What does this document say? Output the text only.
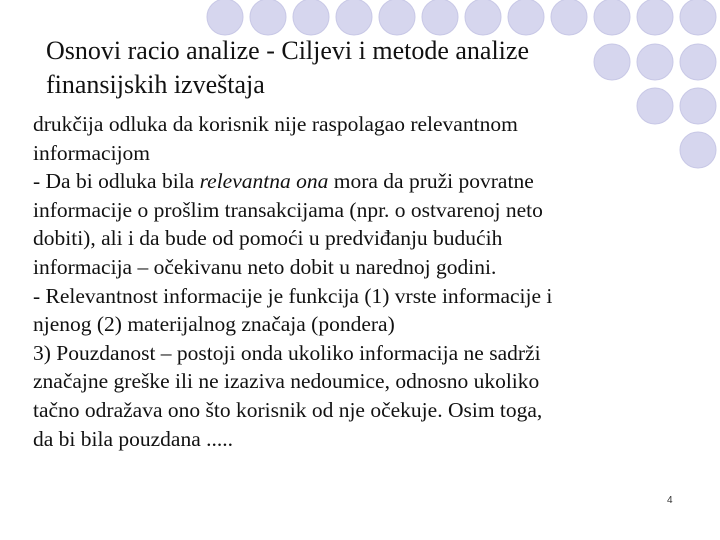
Osnovi racio analize - Ciljevi i metode analize
finansijskih izveštaja
drukčija odluka da korisnik nije raspolagao relevantnom
informacijom
- Da bi odluka bila relevantna ona mora da pruži povratne
informacije o prošlim transakcijama (npr. o ostvarenoj neto
dobiti), ali i da bude od pomoći u predviđanju budućih
informacija – očekivanu neto dobit u narednoj godini.
- Relevantnost informacije je funkcija (1) vrste informacije i
njenog (2) materijalnog značaja (pondera)
3) Pouzdanost – postoji onda ukoliko informacija ne sadrži
značajne greške ili ne izaziva nedoumice, odnosno ukoliko
tačno odražava ono što korisnik od nje očekuje. Osim toga,
da bi bila pouzdana .....
4
